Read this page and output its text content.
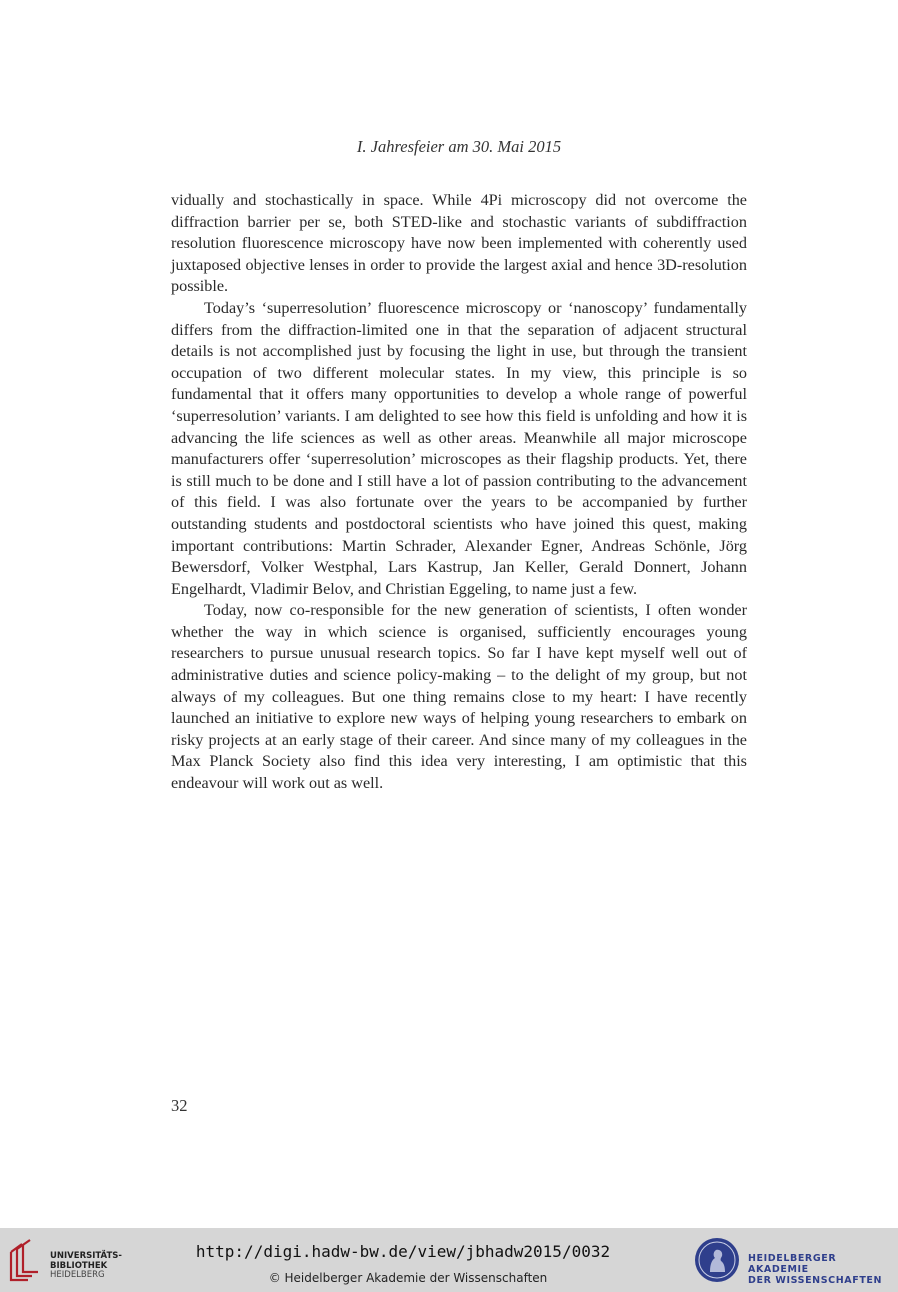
I. Jahresfeier am 30. Mai 2015

vidually and stochastically in space. While 4Pi microscopy did not overcome the diffraction barrier per se, both STED-like and stochastic variants of subdiffraction resolution fluorescence microscopy have now been implemented with coherently used juxtaposed objective lenses in order to provide the largest axial and hence 3D-resolution possible.

Today’s ‘superresolution’ fluorescence microscopy or ‘nanoscopy’ fundamentally differs from the diffraction-limited one in that the separation of adjacent structural details is not accomplished just by focusing the light in use, but through the transient occupation of two different molecular states. In my view, this principle is so fundamental that it offers many opportunities to develop a whole range of powerful ‘superresolution’ variants. I am delighted to see how this field is unfolding and how it is advancing the life sciences as well as other areas. Meanwhile all major microscope manufacturers offer ‘superresolution’ microscopes as their flagship products. Yet, there is still much to be done and I still have a lot of passion contributing to the advancement of this field. I was also fortunate over the years to be accompanied by further outstanding students and postdoctoral scientists who have joined this quest, making important contributions: Martin Schrader, Alexander Egner, Andreas Schönle, Jörg Bewersdorf, Volker Westphal, Lars Kastrup, Jan Keller, Gerald Donnert, Johann Engelhardt, Vladimir Belov, and Christian Eggeling, to name just a few.

Today, now co-responsible for the new generation of scientists, I often wonder whether the way in which science is organised, sufficiently encourages young researchers to pursue unusual research topics. So far I have kept myself well out of administrative duties and science policy-making – to the delight of my group, but not always of my colleagues. But one thing remains close to my heart: I have recently launched an initiative to explore new ways of helping young researchers to embark on risky projects at an early stage of their career. And since many of my colleagues in the Max Planck Society also find this idea very interesting, I am optimistic that this endeavour will work out as well.

32
UNIVERSITÄTS-
BIBLIOTHEK
HEIDELBERG
http://digi.hadw-bw.de/view/jbhadw2015/0032
© Heidelberger Akademie der Wissenschaften
HEIDELBERGER AKADEMIE
DER WISSENSCHAFTEN
